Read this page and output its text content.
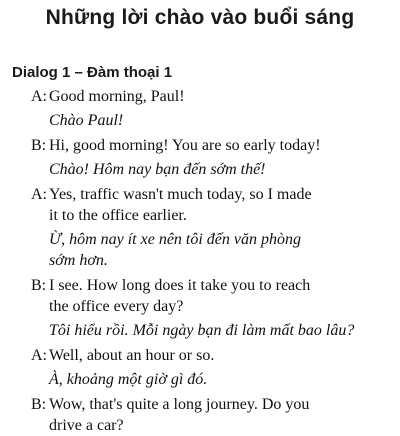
Những lời chào vào buổi sáng
Dialog 1 – Đàm thoại 1
A: Good morning, Paul!

Chào Paul!

B: Hi, good morning! You are so early today!

Chào! Hôm nay bạn đến sớm thế!

A: Yes, traffic wasn't much today, so I made

it to the office earlier.

Ừ, hôm nay ít xe nên tôi đến văn phòng

sớm hơn.

B: I see. How long does it take you to reach

the office every day?

Tôi hiểu rồi. Mỗi ngày bạn đi làm mất bao lâu?

A: Well, about an hour or so.

À, khoảng một giờ gì đó.

B: Wow, that's quite a long journey. Do you

drive a car?
